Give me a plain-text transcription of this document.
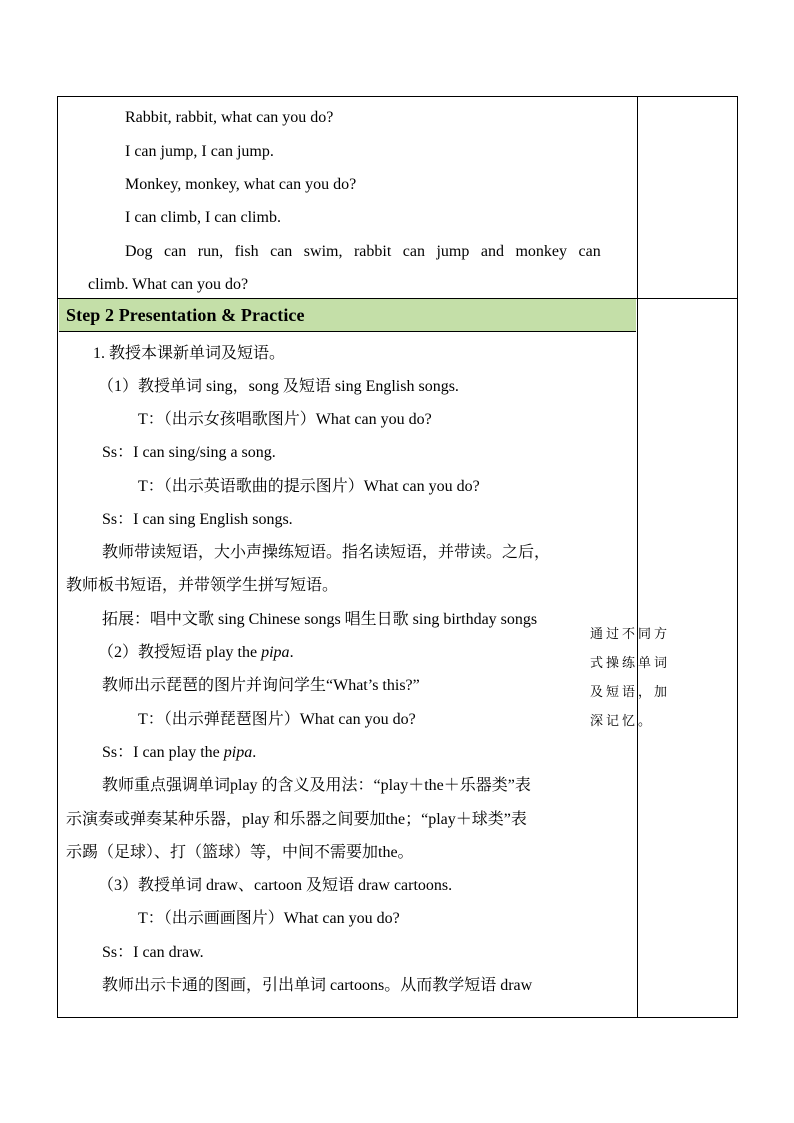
Rabbit, rabbit, what can you do?
I can jump, I can jump.
Monkey, monkey, what can you do?
I can climb, I can climb.
Dog can run, fish can swim, rabbit can jump and monkey can
climb. What can you do?
Step 2 Presentation & Practice
1. 教授本课新单词及短语。
（1）教授单词 sing，song 及短语 sing English songs.
T：（出示女孩唱歌图片）What can you do?
Ss：I can sing/sing a song.
T：（出示英语歌曲的提示图片）What can you do?
Ss：I can sing English songs.
教师带读短语，大小声操练短语。指名读短语，并带读。之后，
教师板书短语，并带领学生拼写短语。
拓展：唱中文歌 sing Chinese songs 唱生日歌 sing birthday songs
（2）教授短语 play the pipa.
教师出示琵琶的图片并询问学生“What’s this?”
T：（出示弹琵琶图片）What can you do?
Ss：I can play the pipa.
教师重点强调单词play 的含义及用法：“play＋the＋乐器类”表
示演奏或弹奏某种乐器，play 和乐器之间要加the；“play＋球类”表
示踢（足球）、打（篮球）等，中间不需要加the。
（3）教授单词 draw、cartoon 及短语 draw cartoons.
T：（出示画画图片）What can you do?
Ss：I can draw.
教师出示卡通的图画，引出单词 cartoons。从而教学短语 draw
通过不同方
式操练单词
及短语，加
深记忆。
